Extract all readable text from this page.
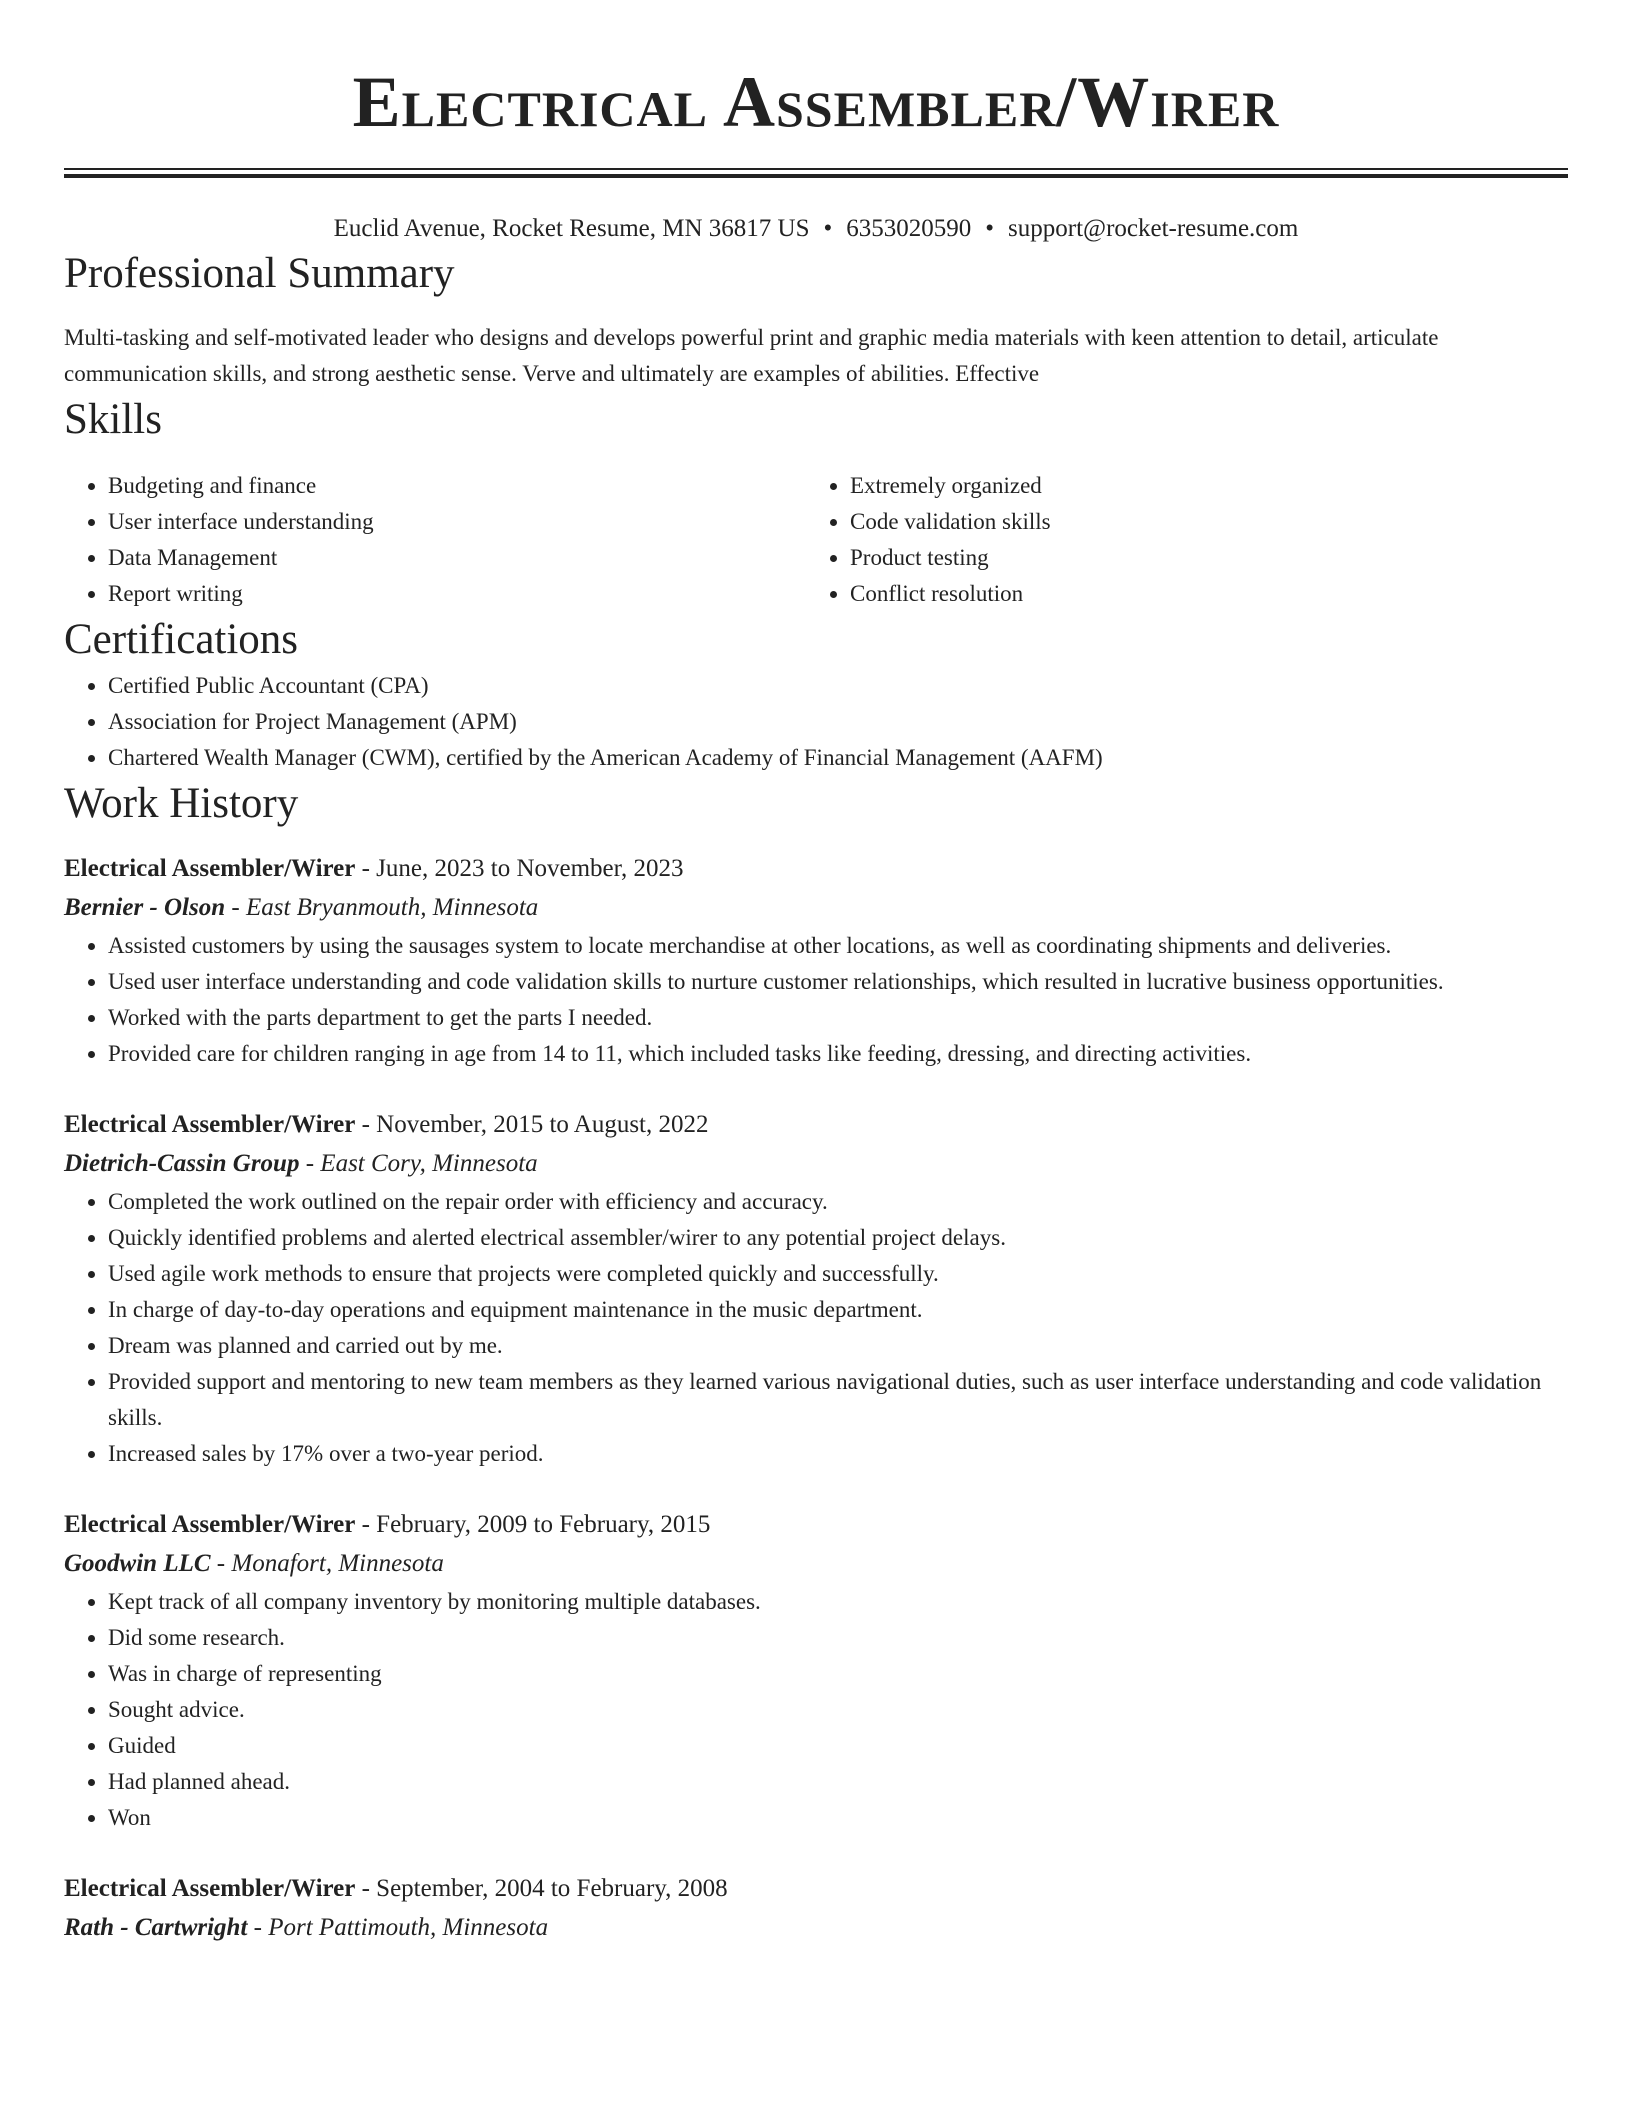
Electrical Assembler/Wirer
Euclid Avenue, Rocket Resume, MN 36817 US • 6353020590 • support@rocket-resume.com
Professional Summary

Multi-tasking and self-motivated leader who designs and develops powerful print and graphic media materials with keen attention to detail, articulate communication skills, and strong aesthetic sense. Verve and ultimately are examples of abilities. Effective

Skills
• Budgeting and finance
• User interface understanding
• Data Management
• Report writing
• Extremely organized
• Code validation skills
• Product testing
• Conflict resolution
Certifications
• Certified Public Accountant (CPA)
• Association for Project Management (APM)
• Chartered Wealth Manager (CWM), certified by the American Academy of Financial Management (AAFM)
Work History
Electrical Assembler/Wirer - June, 2023 to November, 2023
Bernier - Olson - East Bryanmouth, Minnesota
• Assisted customers by using the sausages system to locate merchandise at other locations, as well as coordinating shipments and deliveries.
• Used user interface understanding and code validation skills to nurture customer relationships, which resulted in lucrative business opportunities.
• Worked with the parts department to get the parts I needed.
• Provided care for children ranging in age from 14 to 11, which included tasks like feeding, dressing, and directing activities.
Electrical Assembler/Wirer - November, 2015 to August, 2022
Dietrich-Cassin Group - East Cory, Minnesota
• Completed the work outlined on the repair order with efficiency and accuracy.
• Quickly identified problems and alerted electrical assembler/wirer to any potential project delays.
• Used agile work methods to ensure that projects were completed quickly and successfully.
• In charge of day-to-day operations and equipment maintenance in the music department.
• Dream was planned and carried out by me.
• Provided support and mentoring to new team members as they learned various navigational duties, such as user interface understanding and code validation skills.
• Increased sales by 17% over a two-year period.
Electrical Assembler/Wirer - February, 2009 to February, 2015
Goodwin LLC - Monafort, Minnesota
• Kept track of all company inventory by monitoring multiple databases.
• Did some research.
• Was in charge of representing
• Sought advice.
• Guided
• Had planned ahead.
• Won
Electrical Assembler/Wirer - September, 2004 to February, 2008
Rath - Cartwright - Port Pattimouth, Minnesota
